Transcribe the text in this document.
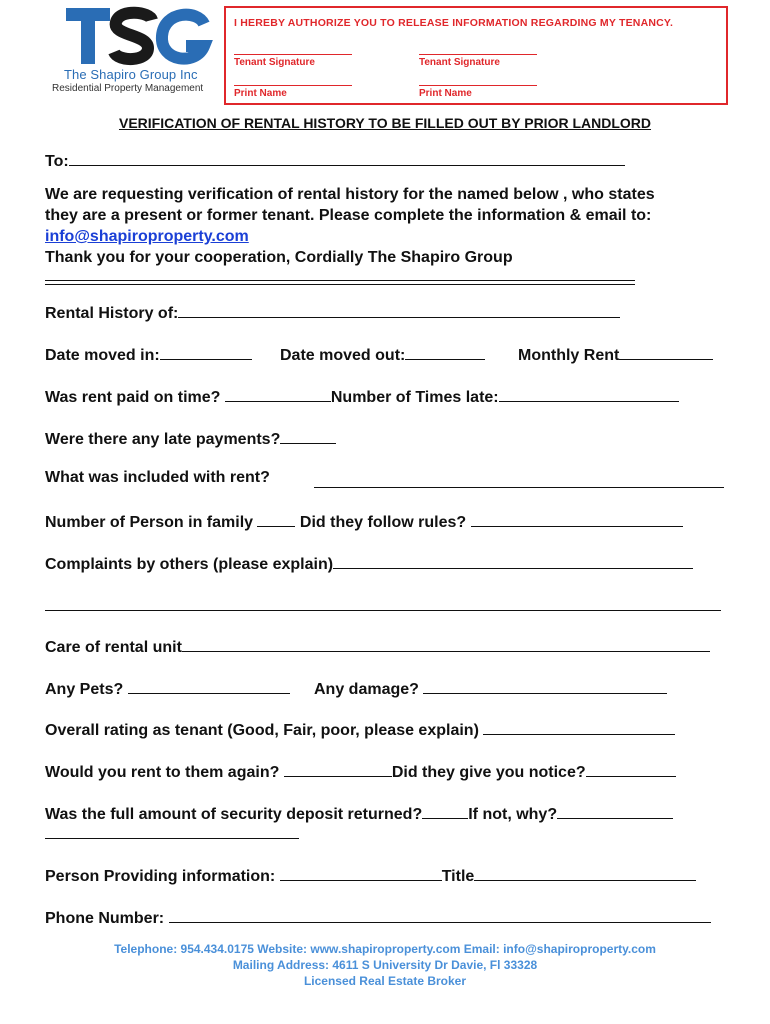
The Shapiro Group Inc
Residential Property Management
I HEREBY AUTHORIZE YOU TO RELEASE INFORMATION REGARDING MY TENANCY.
Tenant Signature	Tenant Signature
Print Name	Print Name
VERIFICATION OF RENTAL HISTORY TO BE FILLED OUT BY PRIOR LANDLORD
To:
We are requesting verification of rental history for the named below , who states
they are a present or former tenant. Please complete the information & email to:
info@shapiroproperty.com
Thank you for your cooperation, Cordially The Shapiro Group
Rental History of:
Date moved in:	Date moved out:	Monthly Rent
Was rent paid on time?	Number of Times late:
Were there any late payments?
What was included with rent?
Number of Person in family  Did they follow rules?
Complaints by others (please explain)
Care of rental unit
Any Pets?	Any damage?
Overall rating as tenant (Good, Fair, poor, please explain)
Would you rent to them again?	Did they give you notice?
Was the full amount of security deposit returned?	If not, why?
Person Providing information:	Title
Phone Number:
Telephone: 954.434.0175 Website: www.shapiroproperty.com Email: info@shapiroproperty.com
Mailing Address: 4611 S University Dr Davie, Fl 33328
Licensed Real Estate Broker
